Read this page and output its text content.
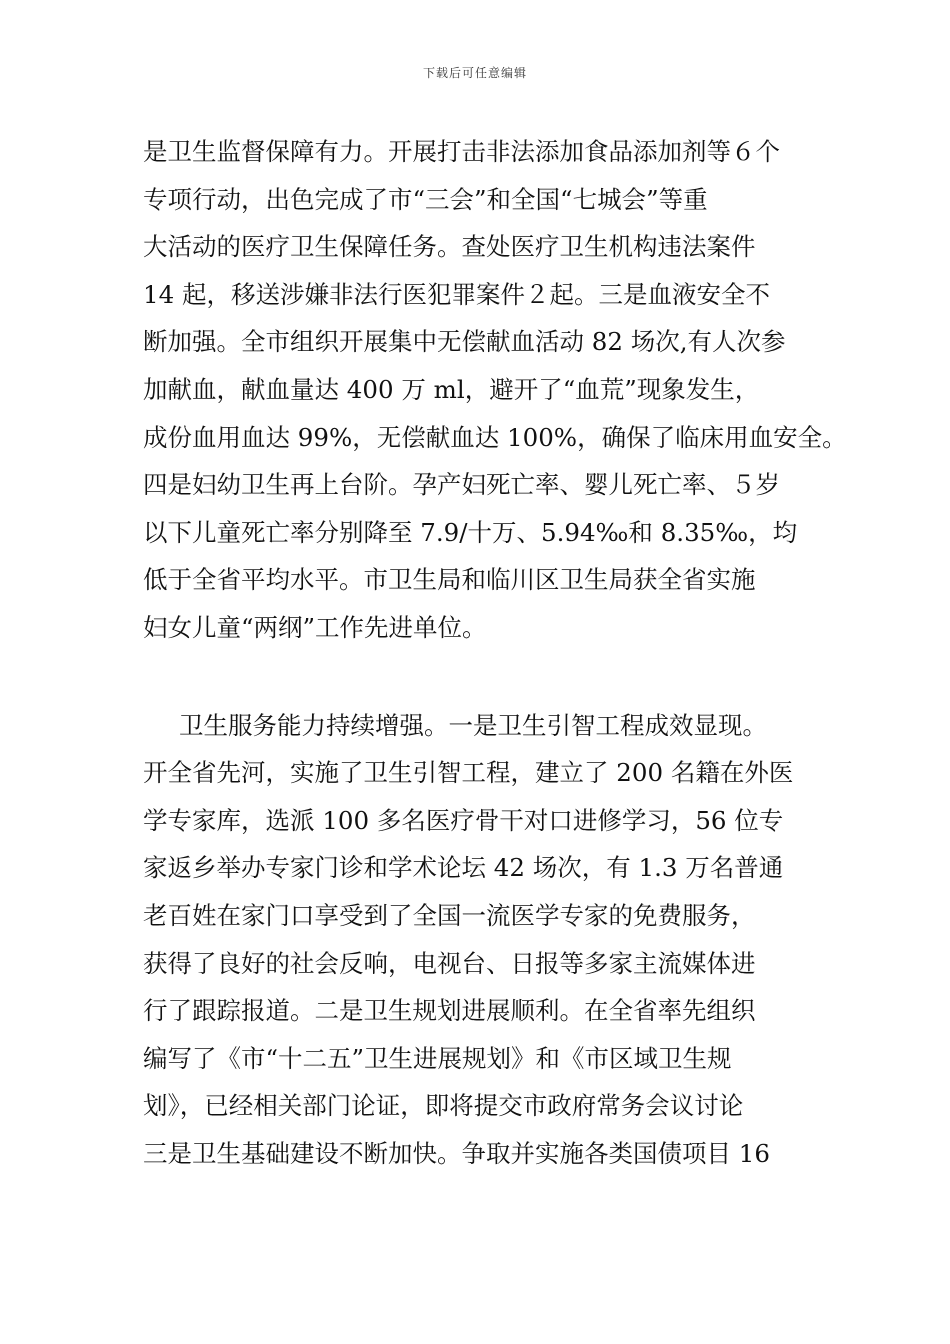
下载后可任意编辑
是卫生监督保障有力。开展打击非法添加食品添加剂等６个
专项行动，出色完成了市“三会”和全国“七城会”等重
大活动的医疗卫生保障任务。查处医疗卫生机构违法案件
14 起，移送涉嫌非法行医犯罪案件２起。三是血液安全不
断加强。全市组织开展集中无偿献血活动 82 场次,有人次参
加献血，献血量达 400 万 ml，避开了“血荒”现象发生，
成份血用血达 99%，无偿献血达 100%，确保了临床用血安全。
四是妇幼卫生再上台阶。孕产妇死亡率、婴儿死亡率、５岁
以下儿童死亡率分别降至 7.9/十万、5.94‰和 8.35‰，均
低于全省平均水平。市卫生局和临川区卫生局获全省实施
妇女儿童“两纲”工作先进单位。
卫生服务能力持续增强。一是卫生引智工程成效显现。
开全省先河，实施了卫生引智工程，建立了 200 名籍在外医
学专家库，选派 100 多名医疗骨干对口进修学习，56 位专
家返乡举办专家门诊和学术论坛 42 场次，有 1.3 万名普通
老百姓在家门口享受到了全国一流医学专家的免费服务，
获得了良好的社会反响，电视台、日报等多家主流媒体进
行了跟踪报道。二是卫生规划进展顺利。在全省率先组织
编写了《市“十二五”卫生进展规划》和《市区域卫生规
划》，已经相关部门论证，即将提交市政府常务会议讨论
三是卫生基础建设不断加快。争取并实施各类国债项目 16
